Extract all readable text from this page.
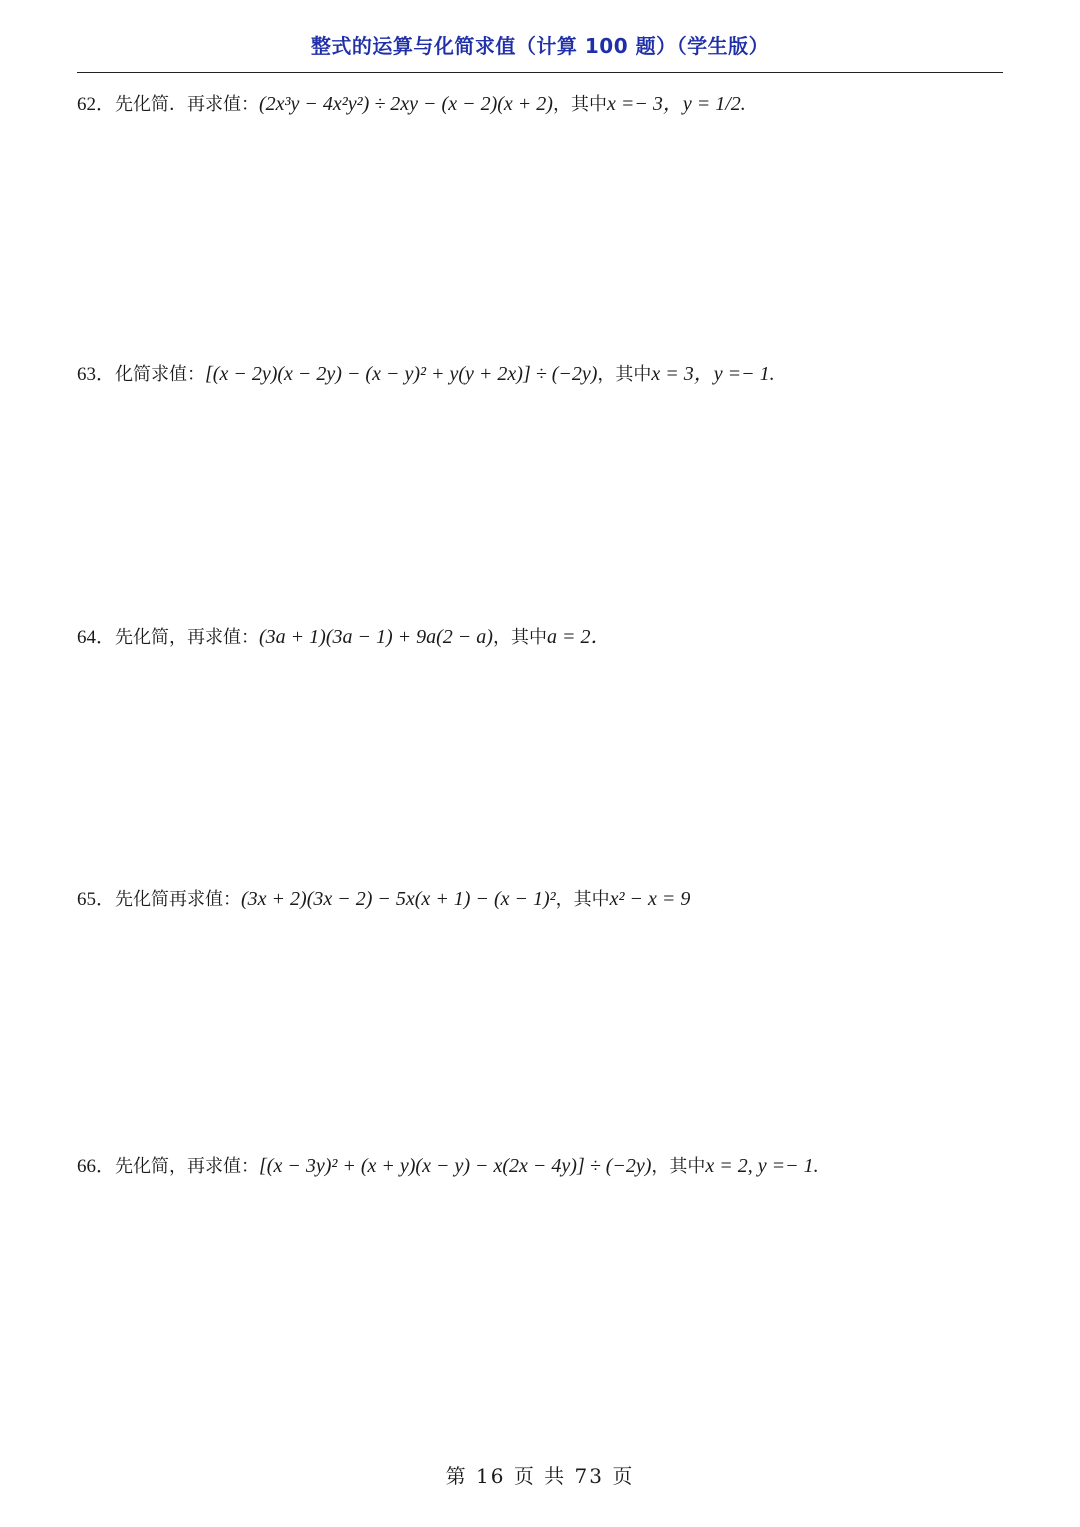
整式的运算与化简求值（计算 100 题）（学生版）
62．先化简．再求值：(2x³y − 4x²y²) ÷ 2xy − (x − 2)(x + 2)，其中x =− 3，y = 1/2.
63．化简求值：[(x − 2y)(x − 2y) − (x − y)² + y(y + 2x)] ÷ (−2y)，其中x = 3，y =− 1.
64．先化简，再求值：(3a + 1)(3a − 1) + 9a(2 − a)，其中a = 2．
65．先化简再求值：(3x + 2)(3x − 2) − 5x(x + 1) − (x − 1)²，其中x² − x = 9
66．先化简，再求值：[(x − 3y)² + (x + y)(x − y) − x(2x − 4y)] ÷ (−2y)，其中x = 2, y =− 1.
第 16 页 共 73 页
